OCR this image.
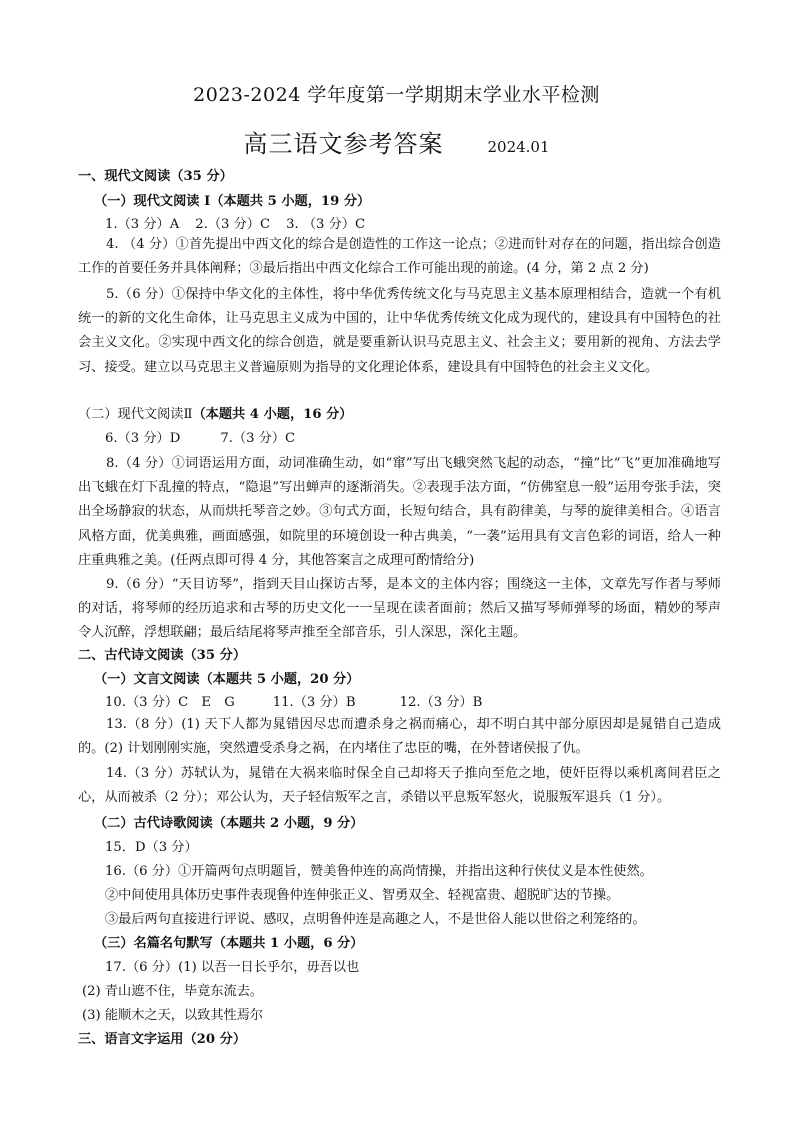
2023-2024 学年度第一学期期末学业水平检测
高三语文参考答案	2024.01
一、现代文阅读（35 分）
（一）现代文阅读 I（本题共 5 小题，19 分）
1.（3 分）A 2.（3 分）C 3. （3 分）C
4. （4 分）①首先提出中西文化的综合是创造性的工作这一论点；②进而针对存在的问题，指出综合创造工作的首要任务并具体阐释；③最后指出中西文化综合工作可能出现的前途。(4 分，第 2 点 2 分)
5.（6 分）①保持中华文化的主体性，将中华优秀传统文化与马克思主义基本原理相结合，造就一个有机统一的新的文化生命体，让马克思主义成为中国的，让中华优秀传统文化成为现代的，建设具有中国特色的社会主义文化。②实现中西文化的综合创造，就是要重新认识马克思主义、社会主义；要用新的视角、方法去学习、接受。建立以马克思主义普遍原则为指导的文化理论体系，建设具有中国特色的社会主义文化。
（二）现代文阅读Ⅱ（本题共 4 小题，16 分）
6.（3 分）D	7.（3 分）C
8.（4 分）①词语运用方面，动词准确生动，如“窜”写出飞蛾突然飞起的动态，“撞”比“飞”更加准确地写出飞蛾在灯下乱撞的特点，“隐退”写出蝉声的逐渐消失。②表现手法方面，“仿佛窒息一般”运用夸张手法，突出全场静寂的状态，从而烘托琴音之妙。③句式方面，长短句结合，具有韵律美，与琴的旋律美相合。④语言风格方面，优美典雅，画面感强，如院里的环境创设一种古典美，“一袭”运用具有文言色彩的词语，给人一种庄重典雅之美。(任两点即可得 4 分，其他答案言之成理可酌情给分)
9.（6 分）“天目访琴”，指到天目山探访古琴，是本文的主体内容；围绕这一主体，文章先写作者与琴师的对话，将琴师的经历追求和古琴的历史文化一一呈现在读者面前；然后又描写琴师弹琴的场面，精妙的琴声令人沉醉，浮想联翩；最后结尾将琴声推至全部音乐，引人深思，深化主题。
二、古代诗文阅读（35 分）
（一）文言文阅读（本题共 5 小题，20 分）
10.（3 分）C　E　G	11.（3 分）B	12.（3 分）B
13.（8 分）(1) 天下人都为晁错因尽忠而遭杀身之祸而痛心，却不明白其中部分原因却是晁错自己造成的。(2) 计划刚刚实施，突然遭受杀身之祸，在内堵住了忠臣的嘴，在外替诸侯报了仇。
14.（3 分）苏轼认为，晁错在大祸来临时保全自己却将天子推向至危之地，使奸臣得以乘机离间君臣之心，从而被杀（2 分）；邓公认为，天子轻信叛军之言，杀错以平息叛军怒火，说服叛军退兵（1 分）。
（二）古代诗歌阅读（本题共 2 小题，9 分）
15．D（3 分）
16.（6 分）①开篇两句点明题旨，赞美鲁仲连的高尚情操，并指出这种行侠仗义是本性使然。
②中间使用具体历史事件表现鲁仲连伸张正义、智勇双全、轻视富贵、超脱旷达的节操。
③最后两句直接进行评说、感叹，点明鲁仲连是高趣之人，不是世俗人能以世俗之利笼络的。
（三）名篇名句默写（本题共 1 小题，6 分）
17.（6 分）(1) 以吾一日长乎尔，毋吾以也
(2) 青山遮不住，毕竟东流去。
(3) 能顺木之天，以致其性焉尔
三、语言文字运用（20 分）
